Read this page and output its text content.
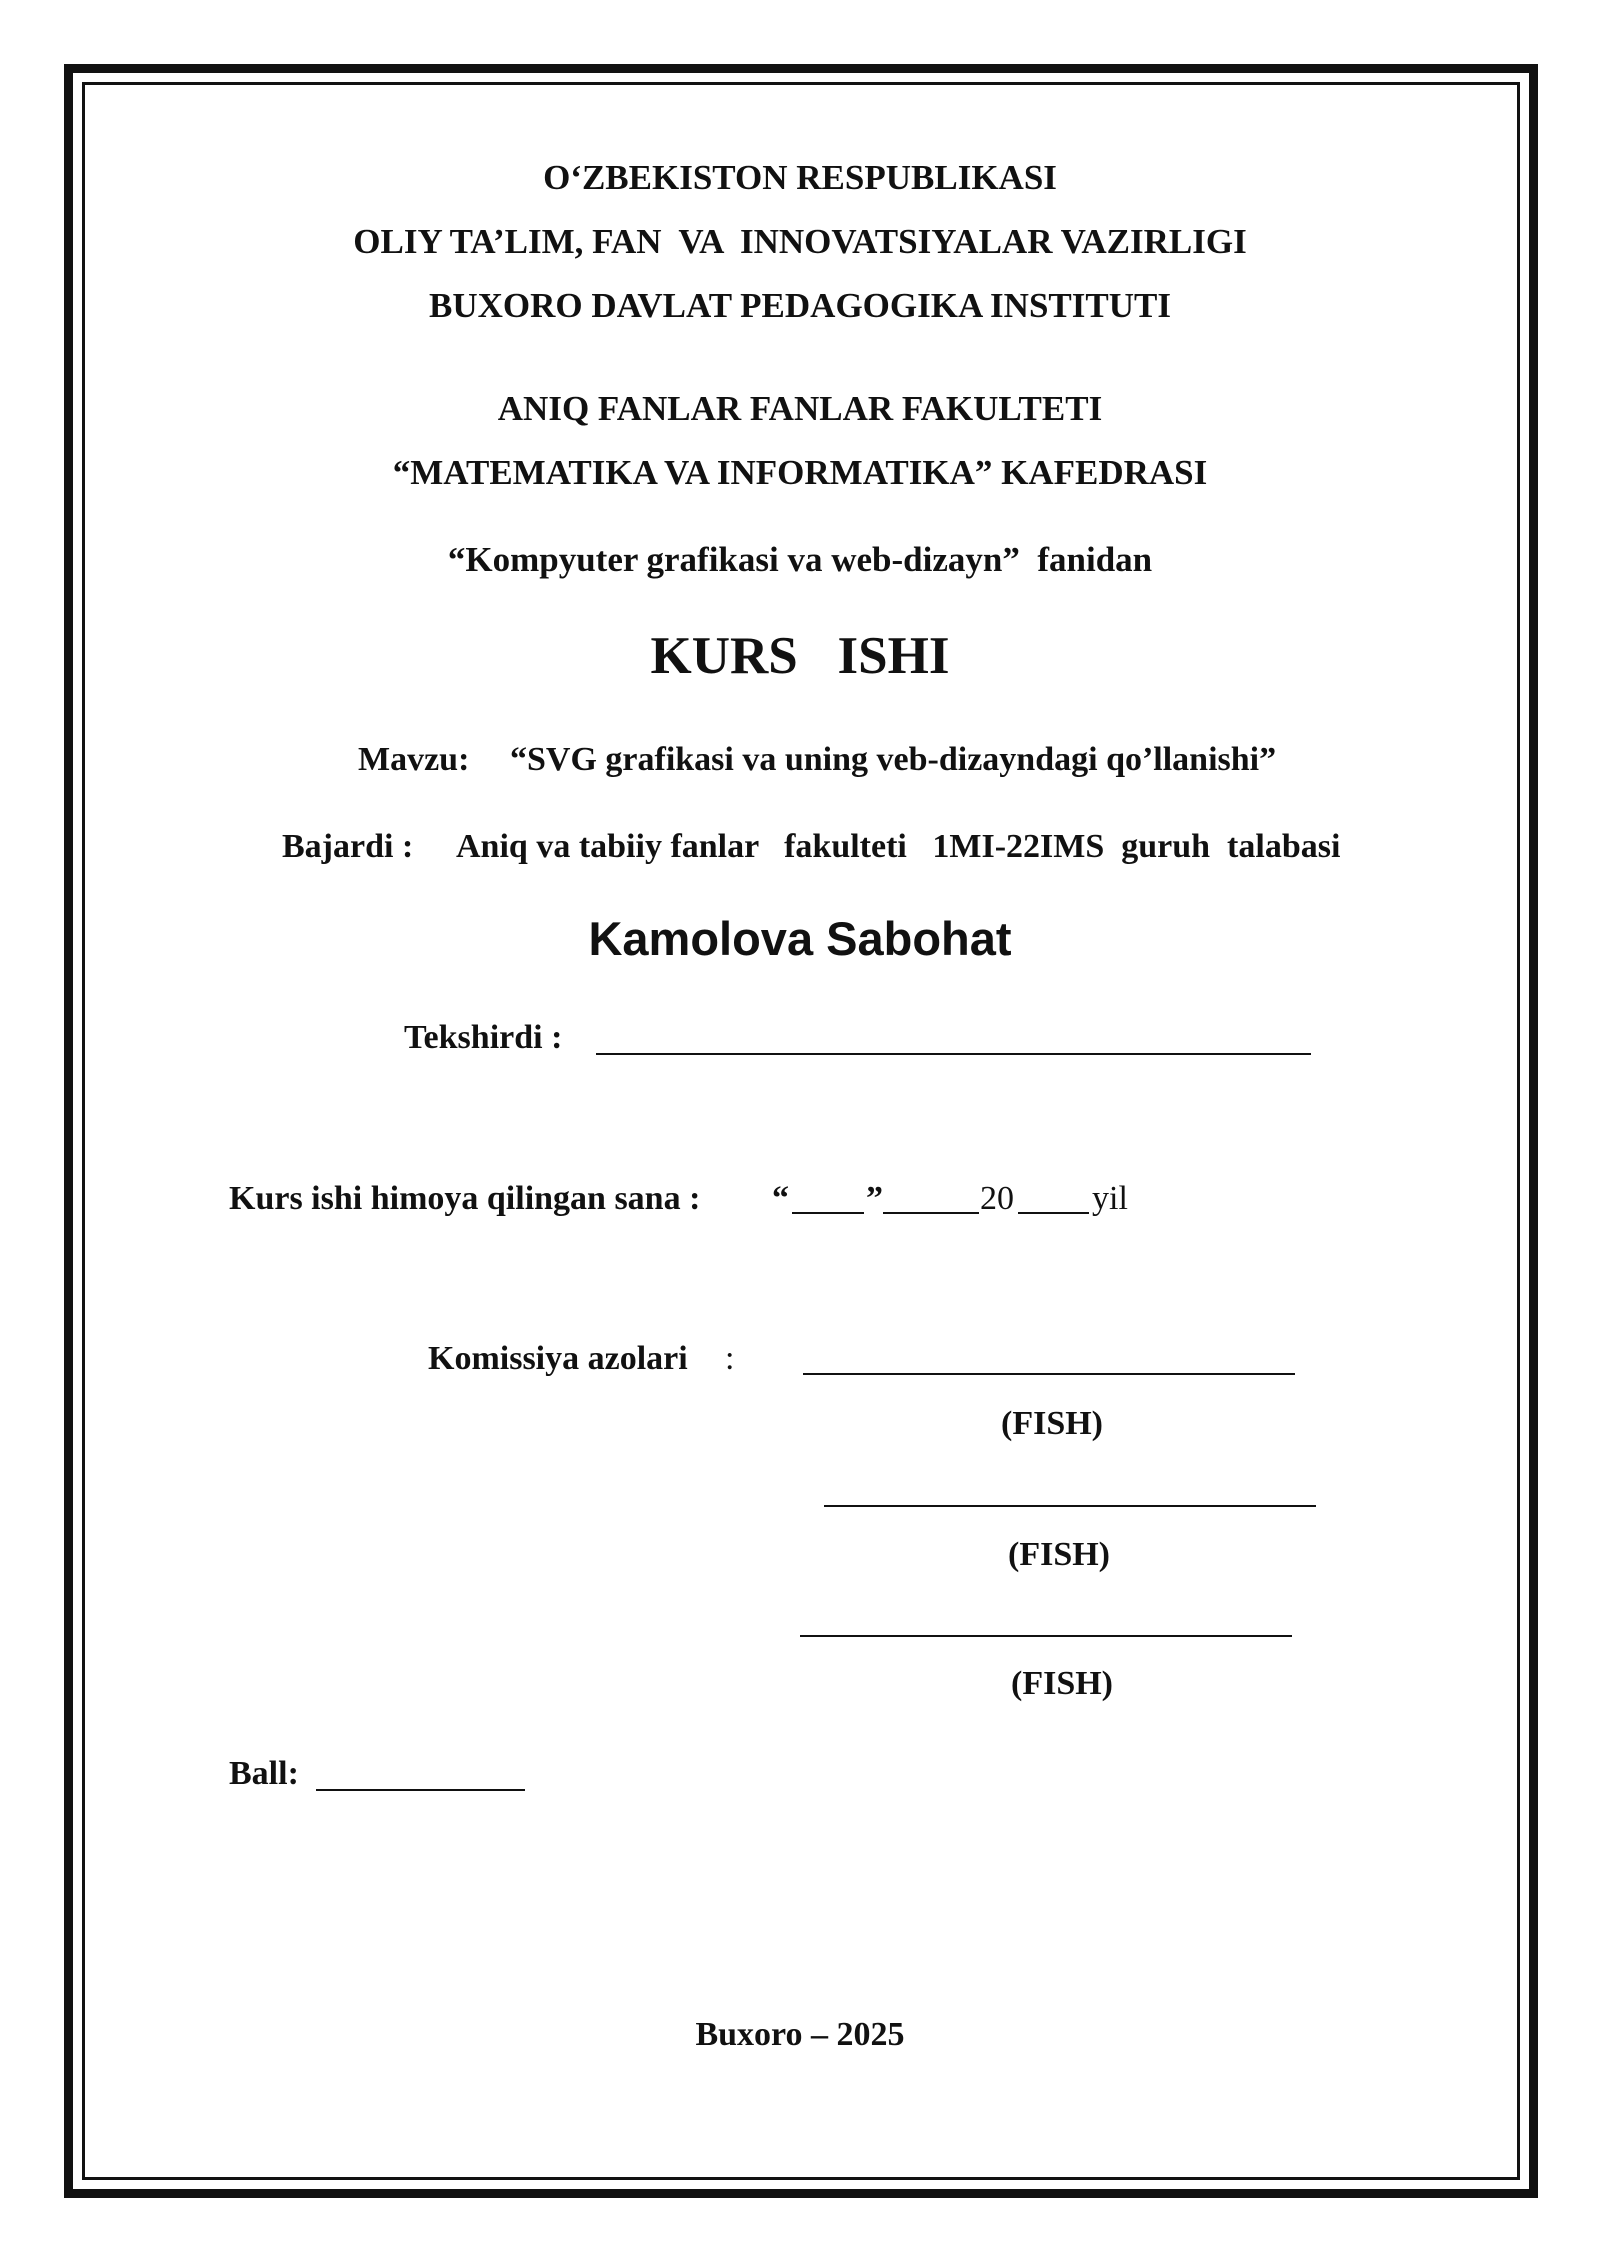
O‘ZBEKISTON RESPUBLIKASI
OLIY TA’LIM, FAN  VA  INNOVATSIYALAR VAZIRLIGI
BUXORO DAVLAT PEDAGOGIKA INSTITUTI
ANIQ FANLAR FANLAR FAKULTETI
“MATEMATIKA VA INFORMATIKA” KAFEDRASI
“Kompyuter grafikasi va web-dizayn”  fanidan
KURS   ISHI
Mavzu: “SVG grafikasi va uning veb-dizayndagi qo’llanishi”
Bajardi : Aniq va tabiiy fanlar   fakulteti   1MI-22IMS  guruh  talabasi
Kamolova Sabohat
Tekshirdi :
Kurs ishi himoya qilingan sana : “ ”	20 yil
Komissiya azolari :
(FISH)
(FISH)
(FISH)
Ball:
Buxoro – 2025
